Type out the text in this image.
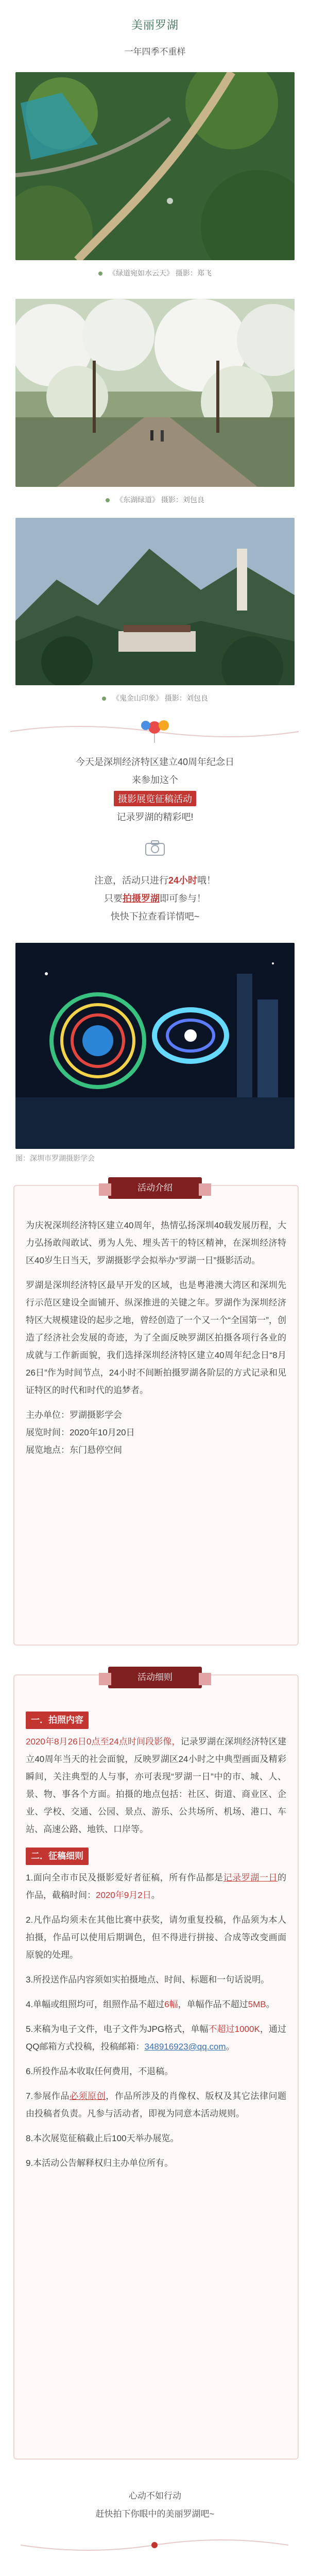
美丽罗湖
一年四季不重样
《绿道宛如水云天》 摄影：郑飞
《东湖绿道》 摄影：刘包良
《鬼金山印象》 摄影：刘包良
今天是深圳经济特区建立40周年纪念日
来参加这个
摄影展览征稿活动
记录罗湖的精彩吧!
注意，活动只进行24小时哦！
只要拍摄罗湖即可参与！
快快下拉查看详情吧~
图：深圳市罗湖摄影学会

为庆祝深圳经济特区建立40周年，热情弘扬深圳40载发展历程，大力弘扬敢闯敢试、勇为人先、埋头苦干的特区精神，在深圳经济特区40岁生日当天，罗湖摄影学会拟举办“罗湖一日”摄影活动。

罗湖是深圳经济特区最早开发的区域，也是粤港澳大湾区和深圳先行示范区建设全面铺开、纵深推进的关键之年。罗湖作为深圳经济特区大规模建设的起步之地，曾经创造了一个又一个“全国第一”，创造了经济社会发展的奇迹，为了全面反映罗湖区拍摄各项行各业的成就与工作新面貌，我们选择深圳经济特区建立40周年纪念日“8月26日”作为时间节点，24小时不间断拍摄罗湖各阶层的方式记录和见证特区的时代和时代的追梦者。

主办单位：罗湖摄影学会

展览时间：2020年10月20日

展览地点：东门悬停空间

活动介绍
一．拍照内容

2020年8月26日0点至24点时间段影像，记录罗湖在深圳经济特区建立40周年当天的社会面貌，反映罗湖区24小时之中典型画面及精彩瞬间，关注典型的人与事，亦可表现“罗湖一日”中的市、城、人、景、物、事各个方面。拍摄的地点包括：社区、街道、商业区、企业、学校、交通、公园、景点、游乐、公共场所、机场、港口、车站、高速公路、地铁、口岸等。

二．征稿细则

1.面向全市市民及摄影爱好者征稿，所有作品都是记录罗湖一日的作品，截稿时间：2020年9月2日。

2.凡作品均须未在其他比赛中获奖，请勿重复投稿，作品须为本人拍摄，作品可以使用后期调色，但不得进行拼接、合成等改变画面原貌的处理。

3.所投送作品内容须如实拍摄地点、时间、标题和一句话说明。

4.单幅或组照均可，组照作品不超过6幅，单幅作品不超过5MB。

5.来稿为电子文件，电子文件为JPG格式，单幅不超过1000K，通过QQ邮箱方式投稿，投稿邮箱：348916923@qq.com。

6.所投作品本收取任何费用，不退稿。

7.参展作品必须原创，作品所涉及的肖像权、版权及其它法律问题由投稿者负责。凡参与活动者，即视为同意本活动规则。

8.本次展览征稿截止后100天举办展览。

9.本活动公告解释权归主办单位所有。

活动细则
心动不如行动
赶快拍下你眼中的美丽罗湖吧~
